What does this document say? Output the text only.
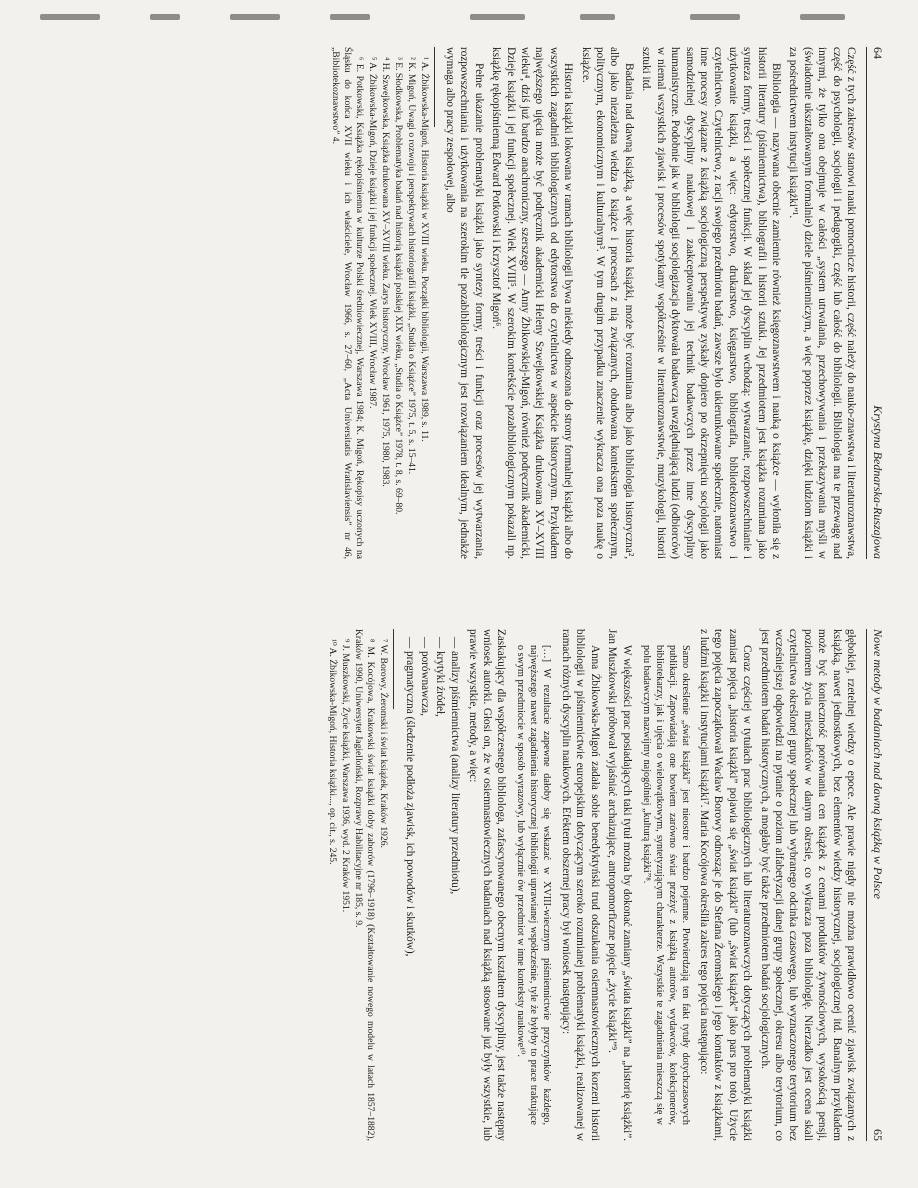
64
Krystyna Bednarska-Ruszajowa

Część z tych zakresów stanowi nauki pomocnicze historii, część należy do nauko-znawstwa i literaturoznawstwa, część do psychologii, socjologii i pedagogiki, część lub całość do bibliologii. Bibliologia ma te przewagę nad innymi, że tylko ona obejmuje w całości „system utrwalania, przechowywania i przekazywania myśli w (świadomie ukształtowanym formalnie) dziele piśmienniczym, a więc poprzez książkę, dzięki ludziom książki i za pośrednictwem instytucji książki”¹.

Bibliologia — nazywana obecnie zamiennie również księgoznawstwem i nauką o książce — wyłoniła się z historii literatury (piśmiennictwa), bibliografii i historii sztuki. Jej przedmiotem jest książka rozumiana jako synteza formy, treści i społecznej funkcji. W skład jej dyscyplin wchodzą: wytwarzanie, rozpowszechnianie i użytkowanie książki, a więc: edytorstwo, drukarstwo, księgarstwo, bibliografia, bibliotekoznawstwo i czytelnictwo. Czytelnictwo, z racji swojego przedmiotu badań, zawsze było ukierunkowane społecznie, natomiast inne procesy związane z książką socjologiczną perspektywę zyskały dopiero po okrzepnięciu socjologii jako samodzielnej dyscypliny naukowej i zaakceptowaniu jej technik badawczych przez inne dyscypliny humanistyczne. Podobnie jak w bibliologii socjologizacja dyktowała badawczą uwzględniającą ludzi (odbiorców) w niemal wszystkich zjawisk i procesów spotykamy współcześnie w literaturoznawstwie, muzykologii, historii sztuki itd.

Badania nad dawną książką, a więc historia książki, może być rozumiana albo jako bibliologia historyczna², albo jako niezależna wiedza o książce i procesach z nią związanych, obudowana kontekstem społecznym, politycznym, ekonomicznym i kulturalnym³. W tym drugim przypadku znaczenie wykracza ona poza naukę o książce.

Historia książki lokowana w ramach bibliologii bywa niekiedy odnoszona do strony formalnej książki albo do wszystkich zagadnień bibliologicznych od edytorstwa do czytelnictwa w aspekcie historycznym. Przykładem najwęższego ujęcia może być podręcznik akademicki Heleny Szwejkowskiej Książka drukowana XV–XVIII wieku⁴, dziś już bardzo anachroniczny, szerszego — Anny Żbikowskiej-Migoń, również podręcznik akademicki, Dzieje książki i jej funkcji społecznej. Wiek XVIII⁵. W szerokim kontekście pozabibliologicznym pokazali np. książkę rękopiśmienną Edward Potkowski i Krzysztof Migoń⁶.

Pełne ukazanie problematyki książki jako syntezy formy, treści i funkcji oraz procesów jej wytwarzania, rozpowszechniania i użytkowania na szerokim tle pozabibliologicznym jest rozwiązaniem idealnym, jednakże wymaga albo pracy zespołowej, albo

¹ A. Żbikowska-Migoń, Historia książki w XVIII wieku. Początki bibliologii, Warszawa 1989, s. 11.
² K. Migoń, Uwagi o rozwoju i perspektywach historiografii książki, „Studia o Książce” 1975, t. 5, s. 15–41.
³ E. Słodkowska, Problematyka badań nad historią książki polskiej XIX wieku, „Studia o Książce” 1978, t. 8, s. 69–80.
⁴ H. Szwejkowska, Książka drukowana XV–XVIII wieku. Zarys historyczny, Wrocław 1961, 1975, 1980, 1983.
⁵ A. Żbikowska-Migoń, Dzieje książki i jej funkcji społecznej. Wiek XVIII, Wrocław 1987.
⁶ E. Potkowski, Książka rękopiśmienna w kulturze Polski średniowiecznej, Warszawa 1984; K. Migoń, Rękopisy uczonych na Śląsku do końca XVII wieku i ich właściciele, Wrocław 1966, s. 27–60, „Acta Universitatis Wratislaviensis” nr 46, „Bibliotekoznawstwo” 4.
Nowe metody w badaniach nad dawną książką w Polsce
65

głębokiej, rzetelnej wiedzy o epoce. Ale prawie nigdy nie można prawidłowo ocenić zjawisk związanych z książką, nawet jednostkowych, bez elementów wiedzy historycznej, socjologicznej itd. Banalnym przykładem może być konieczność porównania cen książek z cenami produktów żywnościowych, wysokością pensji, poziomem życia mieszkańców w danym okresie, co wykracza poza bibliologię. Nierzadko jest ocena skali czytelnictwa określonej grupy społecznej lub wybranego odcinka czasowego, lub wyznaczonego terytorium bez wcześniejszej odpowiedzi na pytanie o poziom alfabetyzacji danej grupy społecznej, okresu albo terytorium, co jest przedmiotem badań historycznych, a mogłaby być także przedmiotem badań socjologicznych.

Coraz częściej w tytułach prac bibliologicznych lub literaturoznawczych dotyczących problematyki książki zamiast pojęcia „historia książki” pojawia się „świat książki” (lub „świat książek” jako pars pro toto). Użycie tego pojęcia zapoczątkował Wacław Borowy odnosząc je do Stefana Żeromskiego i jego kontaktów z książkami, z ludźmi książki i instytucjami książki⁷. Maria Kocójowa określiła zakres tego pojęcia następująco:

Samo określenie „świat książki” jest nieostre i bardzo pojemne. Potwierdzają ten fakt tytuły dotychczasowych publikacji. Zapowiadają one bowiem zarówno świat przeżyć z książką autorów, wydawców, kolekcjonerów, bibliotekarzy, jak i ujęcia o wielowątkowym, syntetyzującym charakterze. Wszystkie te zagadnienia mieszczą się w polu badawczym nazwijmy najogólniej „kulturą książki”⁸.

W większości prac posiadających taki tytuł można by dokonać zamiany „świata książki” na „historię książki”. Jan Muszkowski próbował wyjaśniać archaizujące, antropomorficzne pojęcie „życie książki”⁹.

Anna Żbikowska-Migoń zadała sobie benedyktyński trud odszukania osiemnastowiecznych korzeni historii bibliologii w piśmiennictwie europejskim dotyczącym szeroko rozumianej problematyki książki, realizowanej w ramach różnych dyscyplin naukowych. Efektem obszernej pracy był wniosek następujący:

[…] W rezultacie zapewne dałoby się wskazać w XVIII-wiecznym piśmiennictwie przyczynków każdego, najwęższego nawet zagadnienia historycznej bibliologii uprawianej współcześnie, tyle że byłyby to prace traktujące o swym przedmiocie w sposób wyrazowy, lub wyłącznie ów przedmiot w inne konteksty naukowe¹⁰.

Zaskakujący dla współczesnego bibliologa, zafascynowanego obecnym kształtem dyscypliny, jest także następny wniosek autorki. Głosi on, że w osiemnastowiecznych badaniach nad książką stosowane już były wszystkie, lub prawie wszystkie, metody, a więc:

— analizy piśmiennictwa (analizy literatury przedmiotu),
— krytyki źródeł,
— porównawcza,
— pragmatyczna (śledzenie podłoża zjawisk, ich powodów i skutków),
⁷ W. Borowy, Żeromski i świat książek, Kraków 1926.
⁸ M. Kocójowa, Krakowski świat książki doby zaborów (1796–1918) (Kształtowanie nowego modelu w latach 1857–1882), Kraków 1990, Uniwersytet Jagielloński, Rozprawy Habilitacyjne nr 185, s. 9.
⁹ J. Muszkowski, Życie książki, Warszawa 1936, wyd. 2 Kraków 1951.
¹⁰ A. Żbikowska-Migoń, Historia książki..., op. cit., s. 245.
